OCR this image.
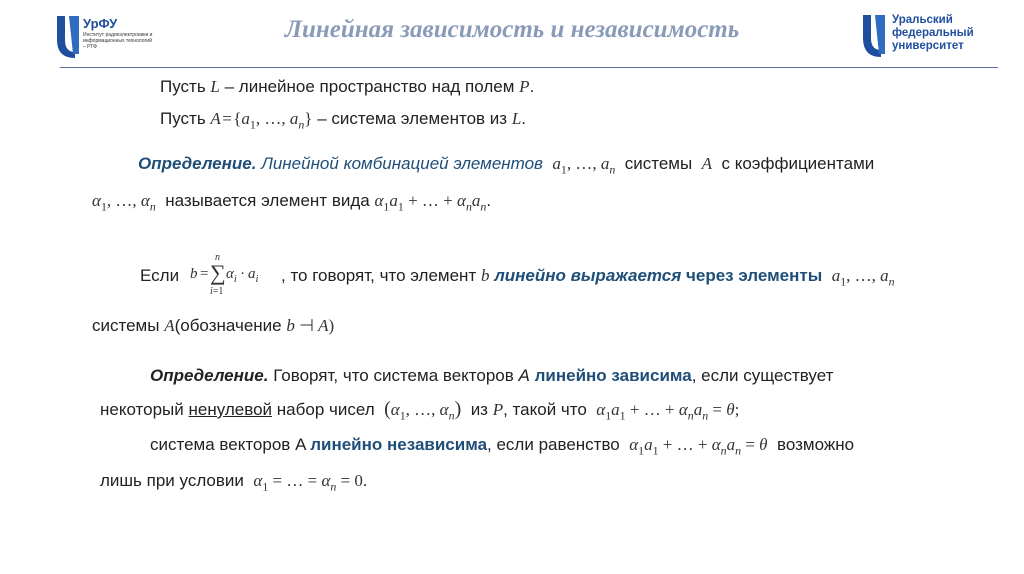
УрФУ
Институт радиоэлектроники и информационных технологий – РТФ
Линейная зависимость и независимость	Уральский
федеральный
университет
Пусть L – линейное пространство над полем P.
Пусть A = {$a_1$, …, $a_n$} – система элементов из L.
Определение. Линейной комбинацией элементов $a_1$, …, $a_n$ системы A с коэффициентами
$\alpha_1$, …, $\alpha_n$ называется элемент вида $\alpha_1a_1$ + … + $\alpha_na_n$.
Если b =
n
∑
i=1
$\alpha_i \cdot a_i$ , то говорят, что элемент b линейно выражается через элементы $a_1$, …, $a_n$
системы A(обозначение b ⊣ A)
Определение. Говорят, что система векторов A линейно зависима, если существует
некоторый ненулевой набор чисел ($\alpha_1$, …, $\alpha_n$) из P, такой что $\alpha_1a_1$ + … + $\alpha_na_n = \theta$;
система векторов A линейно независима, если равенство $\alpha_1a_1$ + … + $\alpha_na_n = \theta$ возможно
лишь при условии $\alpha_1$ = … = $\alpha_n = 0$.
